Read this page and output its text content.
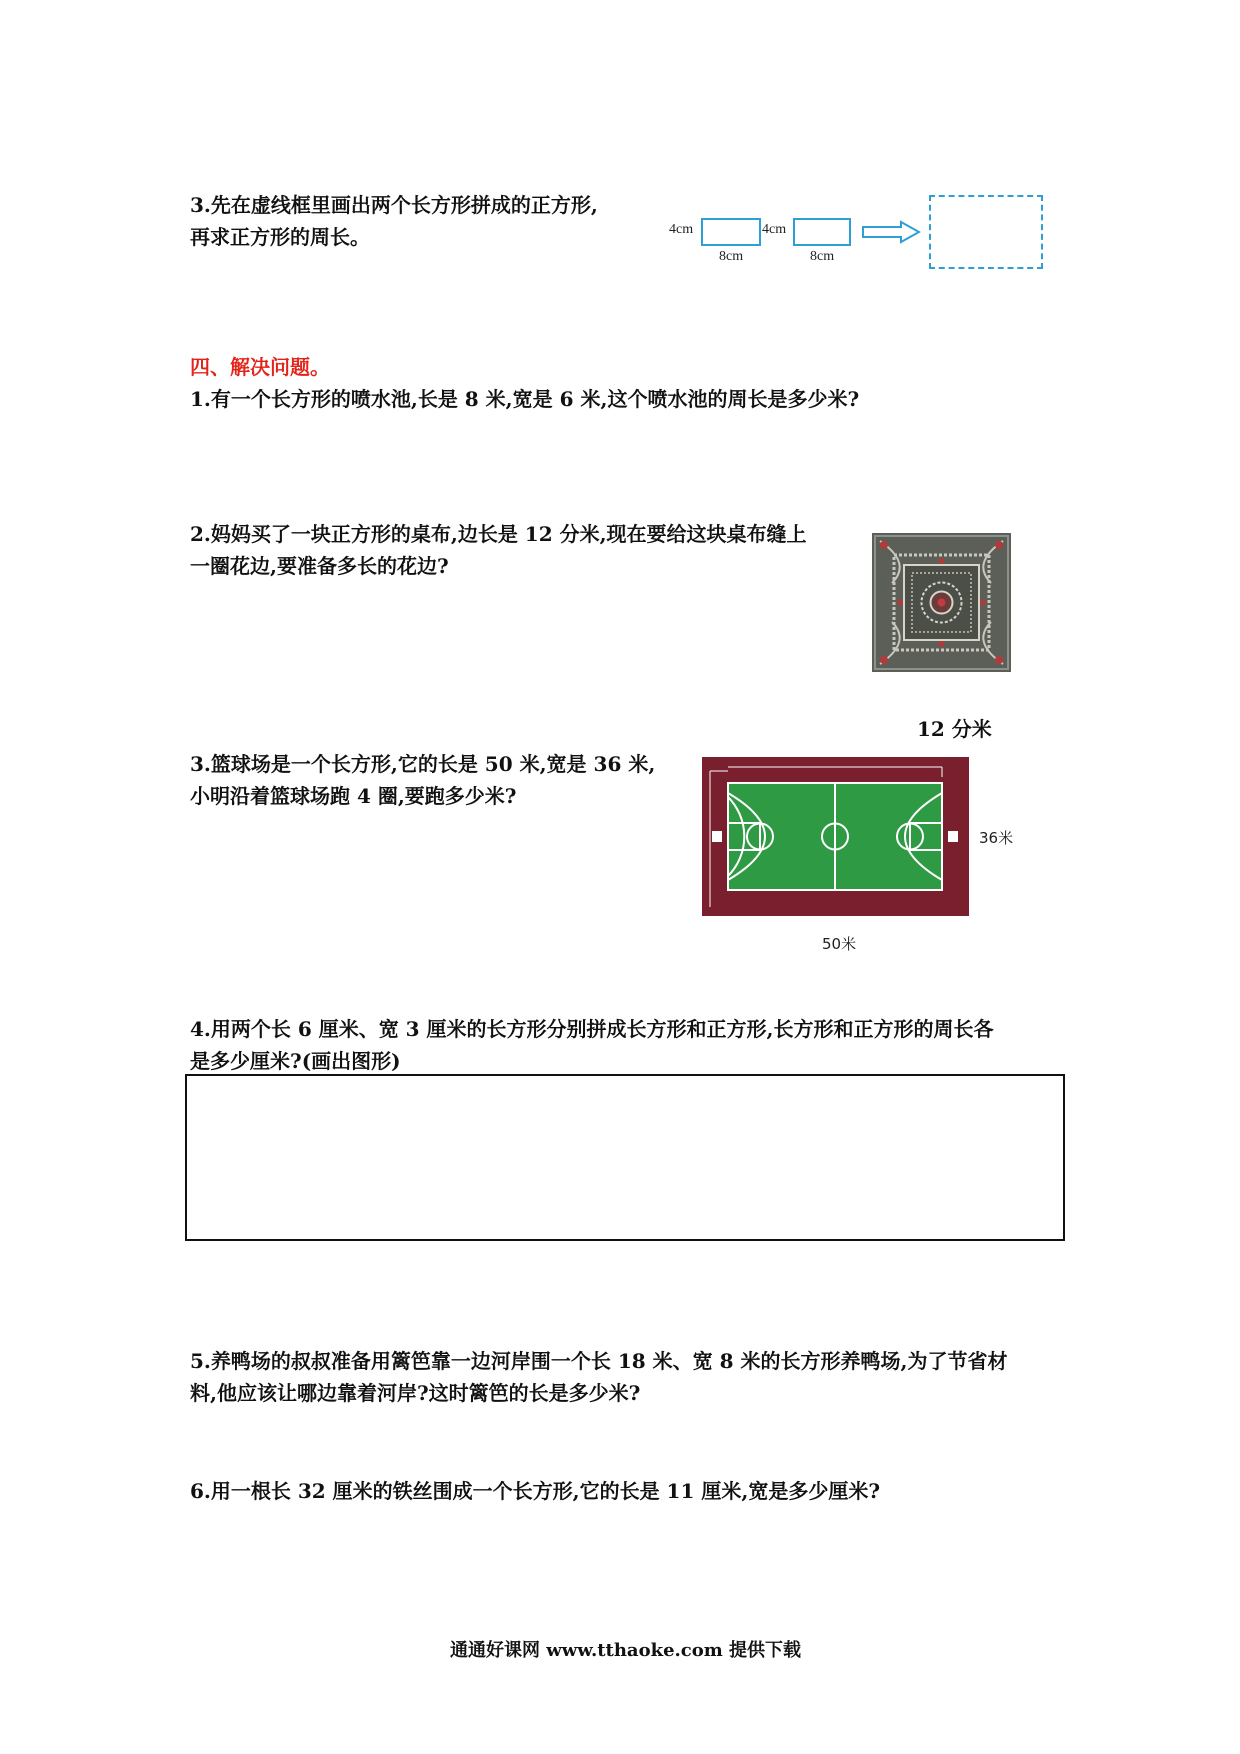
3.先在虚线框里画出两个长方形拼成的正方形,
再求正方形的周长。	4cm
8cm
4cm
8cm
四、解决问题。
1.有一个长方形的喷水池,长是 8 米,宽是 6 米,这个喷水池的周长是多少米?
2.妈妈买了一块正方形的桌布,边长是 12 分米,现在要给这块桌布缝上
一圈花边,要准备多长的花边?
12 分米
3.篮球场是一个长方形,它的长是 50 米,宽是 36 米,
小明沿着篮球场跑 4 圈,要跑多少米?
36米
50米
4.用两个长 6 厘米、宽 3 厘米的长方形分别拼成长方形和正方形,长方形和正方形的周长各
是多少厘米?(画出图形)
5.养鸭场的叔叔准备用篱笆靠一边河岸围一个长 18 米、宽 8 米的长方形养鸭场,为了节省材
料,他应该让哪边靠着河岸?这时篱笆的长是多少米?
6.用一根长 32 厘米的铁丝围成一个长方形,它的长是 11 厘米,宽是多少厘米?
通通好课网 www.tthaoke.com 提供下载
